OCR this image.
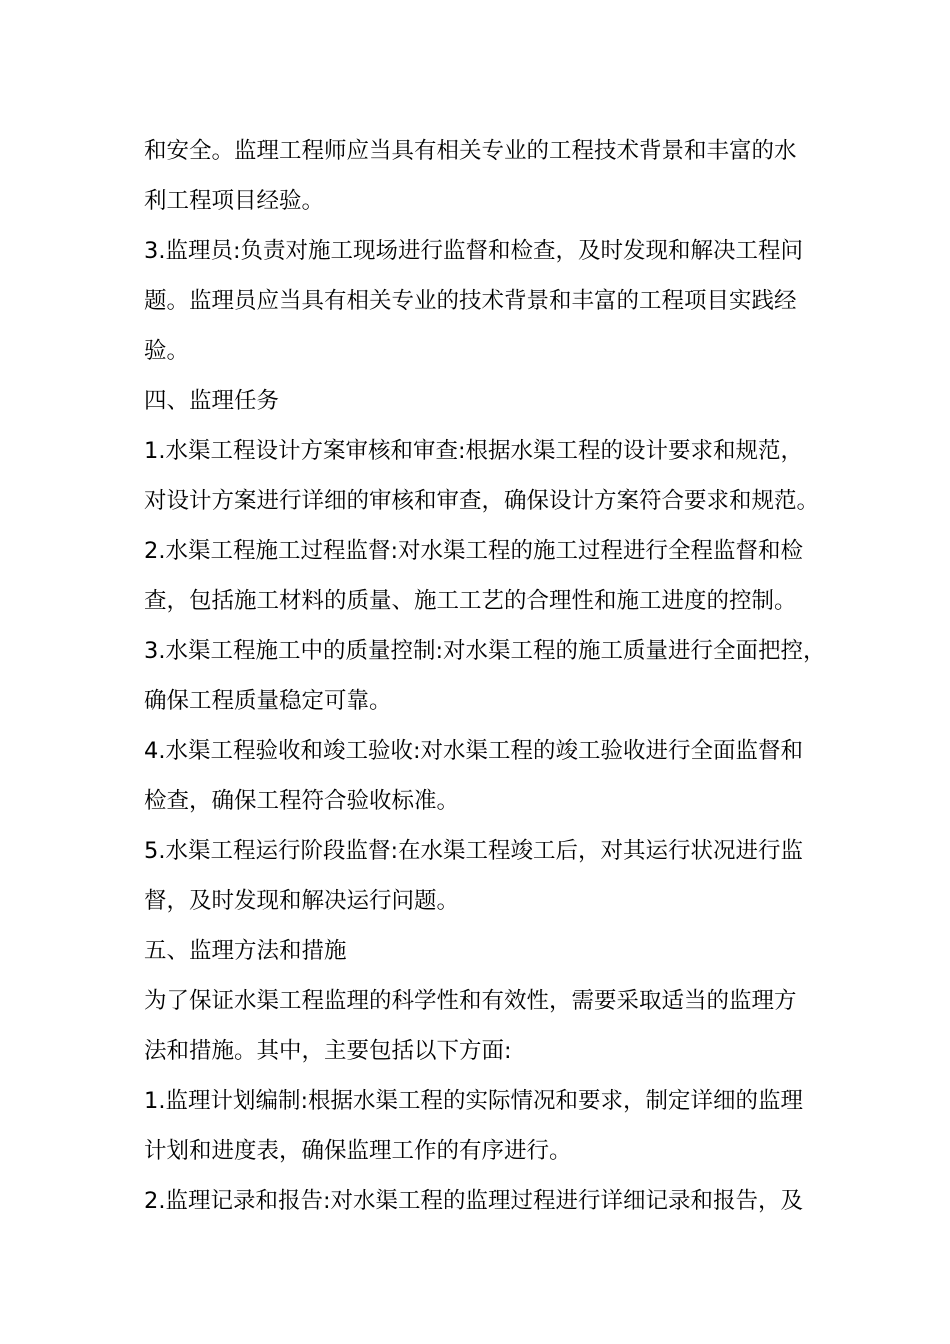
和安全。监理工程师应当具有相关专业的工程技术背景和丰富的水
利工程项目经验。
3.监理员:负责对施工现场进行监督和检查，及时发现和解决工程问
题。监理员应当具有相关专业的技术背景和丰富的工程项目实践经
验。
四、监理任务
1.水渠工程设计方案审核和审查:根据水渠工程的设计要求和规范，
对设计方案进行详细的审核和审查，确保设计方案符合要求和规范。
2.水渠工程施工过程监督:对水渠工程的施工过程进行全程监督和检
查，包括施工材料的质量、施工工艺的合理性和施工进度的控制。
3.水渠工程施工中的质量控制:对水渠工程的施工质量进行全面把控，
确保工程质量稳定可靠。
4.水渠工程验收和竣工验收:对水渠工程的竣工验收进行全面监督和
检查，确保工程符合验收标准。
5.水渠工程运行阶段监督:在水渠工程竣工后，对其运行状况进行监
督，及时发现和解决运行问题。
五、监理方法和措施
为了保证水渠工程监理的科学性和有效性，需要采取适当的监理方
法和措施。其中，主要包括以下方面:
1.监理计划编制:根据水渠工程的实际情况和要求，制定详细的监理
计划和进度表，确保监理工作的有序进行。
2.监理记录和报告:对水渠工程的监理过程进行详细记录和报告，及
